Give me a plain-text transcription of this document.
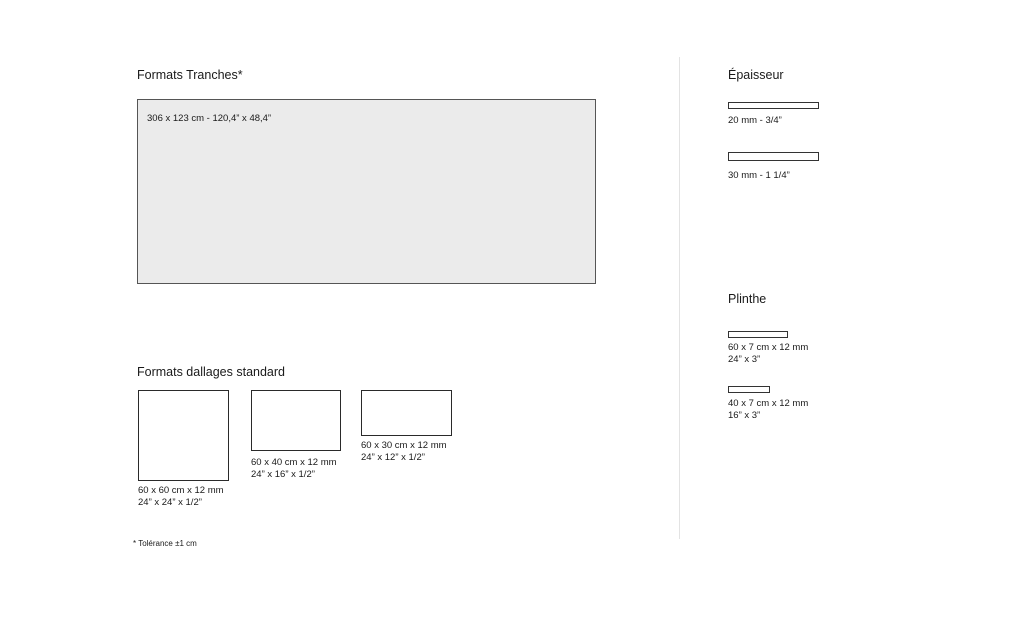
Formats Tranches*
306 x 123 cm - 120,4” x 48,4”
Formats dallages standard
60 x 60 cm x 12 mm
24” x 24” x 1/2”
60 x 40 cm x 12 mm
24” x 16” x 1/2”
60 x 30 cm x 12 mm
24” x 12” x 1/2”
* Tolérance ±1 cm
Épaisseur
20 mm - 3/4”
30 mm - 1 1/4”
Plinthe
60 x 7 cm x 12 mm
24” x 3”
40 x 7 cm x 12 mm
16” x 3”
